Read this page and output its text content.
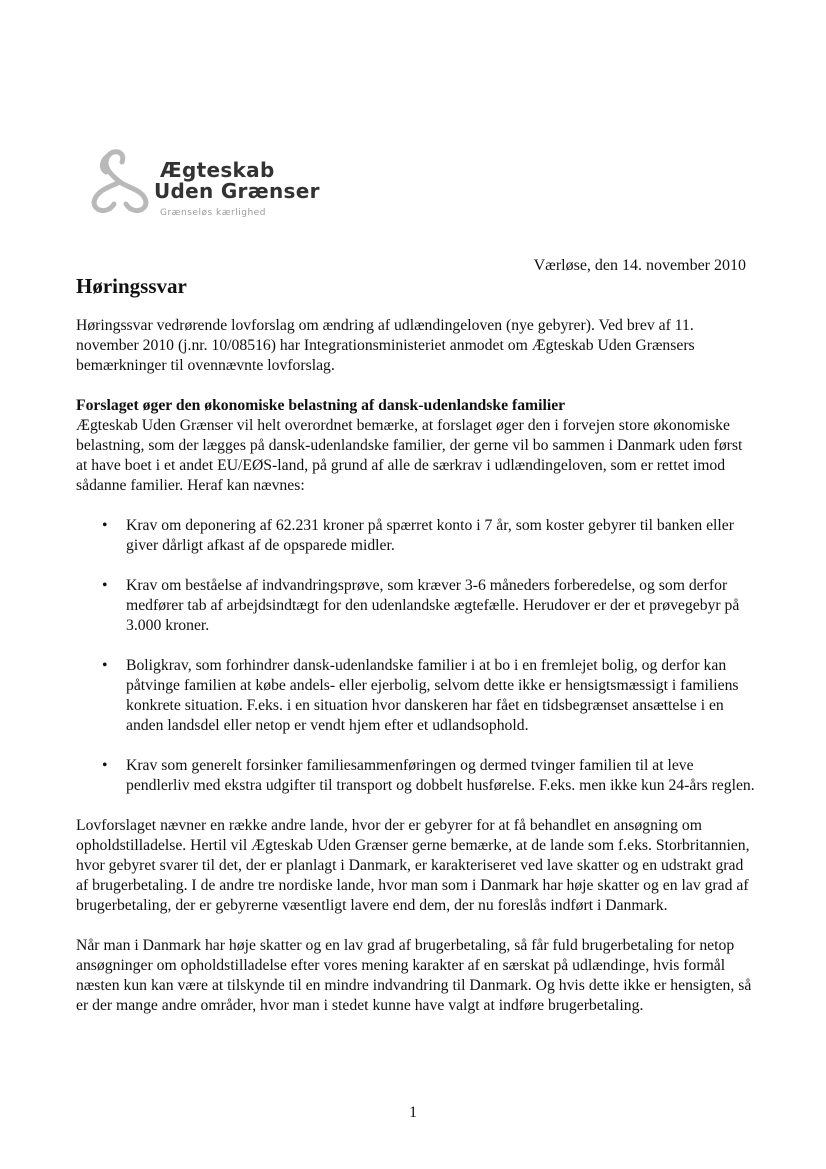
Ægteskab
Uden Grænser
Grænseløs kærlighed
Værløse, den 14. november 2010
Høringssvar

Høringssvar vedrørende lovforslag om ændring af udlændingeloven (nye gebyrer). Ved brev af 11. november 2010 (j.nr. 10/08516) har Integrationsministeriet anmodet om Ægteskab Uden Grænsers bemærkninger til ovennævnte lovforslag.

Forslaget øger den økonomiske belastning af dansk-udenlandske familier

Ægteskab Uden Grænser vil helt overordnet bemærke, at forslaget øger den i forvejen store økonomiske belastning, som der lægges på dansk-udenlandske familier, der gerne vil bo sammen i Danmark uden først at have boet i et andet EU/EØS-land, på grund af alle de særkrav i udlændingeloven, som er rettet imod sådanne familier. Heraf kan nævnes:

• Krav om deponering af 62.231 kroner på spærret konto i 7 år, som koster gebyrer til banken eller giver dårligt afkast af de opsparede midler.
• Krav om beståelse af indvandringsprøve, som kræver 3-6 måneders forberedelse, og som derfor medfører tab af arbejdsindtægt for den udenlandske ægtefælle. Herudover er der et prøvegebyr på 3.000 kroner.
• Boligkrav, som forhindrer dansk-udenlandske familier i at bo i en fremlejet bolig, og derfor kan påtvinge familien at købe andels- eller ejerbolig, selvom dette ikke er hensigtsmæssigt i familiens konkrete situation. F.eks. i en situation hvor danskeren har fået en tidsbegrænset ansættelse i en anden landsdel eller netop er vendt hjem efter et udlandsophold.
• Krav som generelt forsinker familiesammenføringen og dermed tvinger familien til at leve pendlerliv med ekstra udgifter til transport og dobbelt husførelse. F.eks. men ikke kun 24-års reglen.

Lovforslaget nævner en række andre lande, hvor der er gebyrer for at få behandlet en ansøgning om opholdstilladelse. Hertil vil Ægteskab Uden Grænser gerne bemærke, at de lande som f.eks. Storbritannien, hvor gebyret svarer til det, der er planlagt i Danmark, er karakteriseret ved lave skatter og en udstrakt grad af brugerbetaling. I de andre tre nordiske lande, hvor man som i Danmark har høje skatter og en lav grad af brugerbetaling, der er gebyrerne væsentligt lavere end dem, der nu foreslås indført i Danmark.

Når man i Danmark har høje skatter og en lav grad af brugerbetaling, så får fuld brugerbetaling for netop ansøgninger om opholdstilladelse efter vores mening karakter af en særskat på udlændinge, hvis formål næsten kun kan være at tilskynde til en mindre indvandring til Danmark. Og hvis dette ikke er hensigten, så er der mange andre områder, hvor man i stedet kunne have valgt at indføre brugerbetaling.

1
